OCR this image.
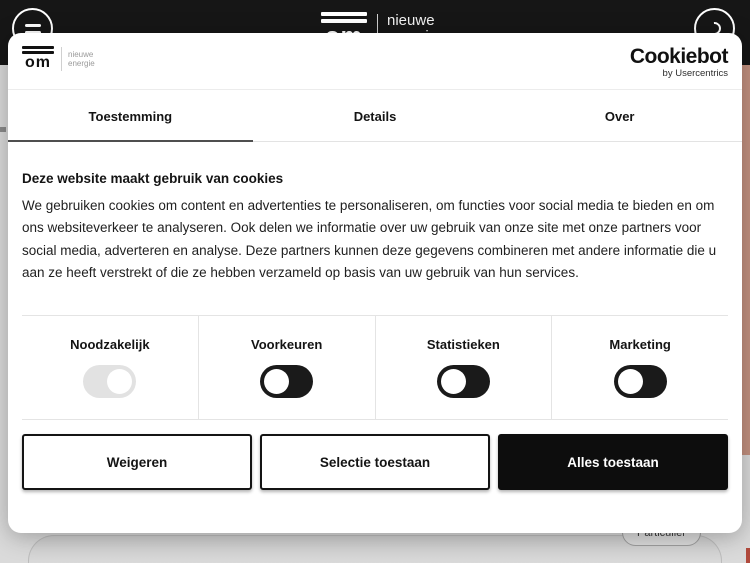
nieuwe
om	nieuwe
energie	Cookiebot
by Usercentrics
Toestemming	Details	Over
Deze website maakt gebruik van cookies
We gebruiken cookies om content en advertenties te personaliseren, om functies voor social media te bieden en om ons websiteverkeer te analyseren. Ook delen we informatie over uw gebruik van onze site met onze partners voor social media, adverteren en analyse. Deze partners kunnen deze gegevens combineren met andere informatie die u aan ze heeft verstrekt of die ze hebben verzameld op basis van uw gebruik van hun services.
Noodzakelijk	Voorkeuren	Statistieken	Marketing
Weigeren	Selectie toestaan	Alles toestaan
